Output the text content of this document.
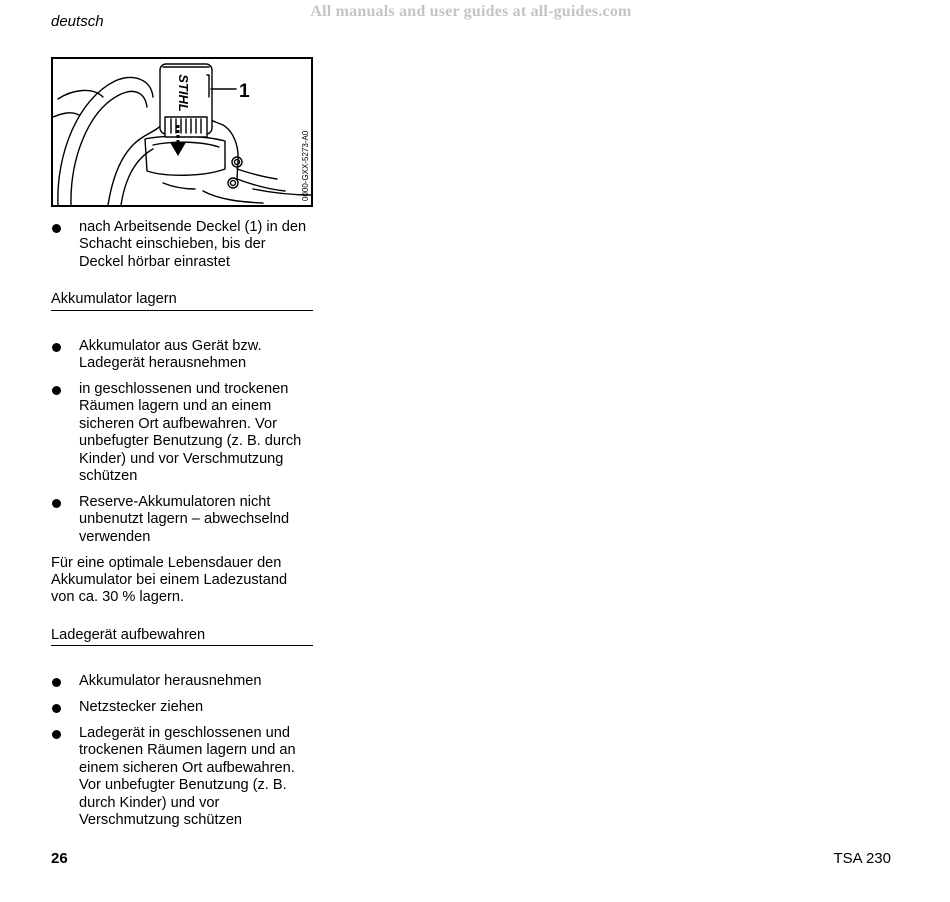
All manuals and user guides at all-guides.com
deutsch
STIHL	1
0000-GXX-5273-A0
nach Arbeitsende Deckel (1) in den Schacht einschieben, bis der Deckel hörbar einrastet
Akkumulator lagern
Akkumulator aus Gerät bzw. Ladegerät herausnehmen
in geschlossenen und trockenen Räumen lagern und an einem sicheren Ort aufbewahren. Vor unbefugter Benutzung (z. B. durch Kinder) und vor Verschmutzung schützen
Reserve-Akkumulatoren nicht unbenutzt lagern – abwechselnd verwenden

Für eine optimale Lebensdauer den Akkumulator bei einem Ladezustand von ca. 30 % lagern.

Ladegerät aufbewahren
Akkumulator herausnehmen
Netzstecker ziehen
Ladegerät in geschlossenen und trockenen Räumen lagern und an einem sicheren Ort aufbewahren. Vor unbefugter Benutzung (z. B. durch Kinder) und vor Verschmutzung schützen
26	TSA 230
